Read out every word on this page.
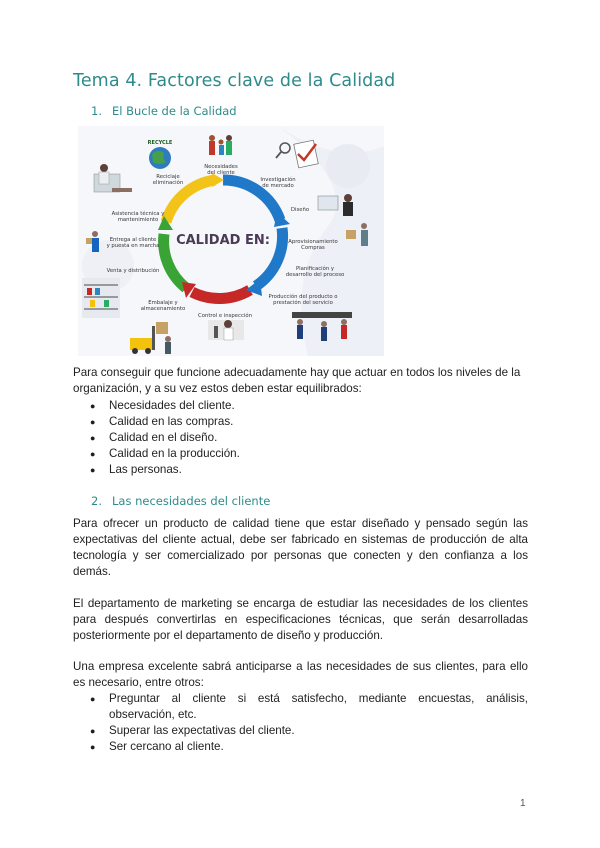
Tema 4. Factores clave de la Calidad
1. El Bucle de la Calidad
CALIDAD EN:
Necesidades
del cliente
Investigación
de mercado
Diseño
Aprovisionamiento
Compras
Planificación y
desarrollo del proceso
Producción del producto o
prestación del servicio
Control e inspección
Embalaje y
almacenamiento
Venta y distribución
Entrega al cliente
y puesta en marcha
Asistencia técnica y
mantenimiento
Reciclaje
eliminación
RECYCLE

Para conseguir que funcione adecuadamente hay que actuar en todos los niveles de la organización, y a su vez estos deben estar equilibrados:

● Necesidades del cliente.
● Calidad en las compras.
● Calidad en el diseño.
● Calidad en la producción.
● Las personas.
2. Las necesidades del cliente

Para ofrecer un producto de calidad tiene que estar diseñado y pensado según las expectativas del cliente actual, debe ser fabricado en sistemas de producción de alta tecnología y ser comercializado por personas que conecten y den confianza a los demás.

El departamento de marketing se encarga de estudiar las necesidades de los clientes para después convertirlas en especificaciones técnicas, que serán desarrolladas posteriormente por el departamento de diseño y producción.

Una empresa excelente sabrá anticiparse a las necesidades de sus clientes, para ello es necesario, entre otros:

● Preguntar al cliente si está satisfecho, mediante encuestas, análisis, observación, etc.
● Superar las expectativas del cliente.
● Ser cercano al cliente.
1
